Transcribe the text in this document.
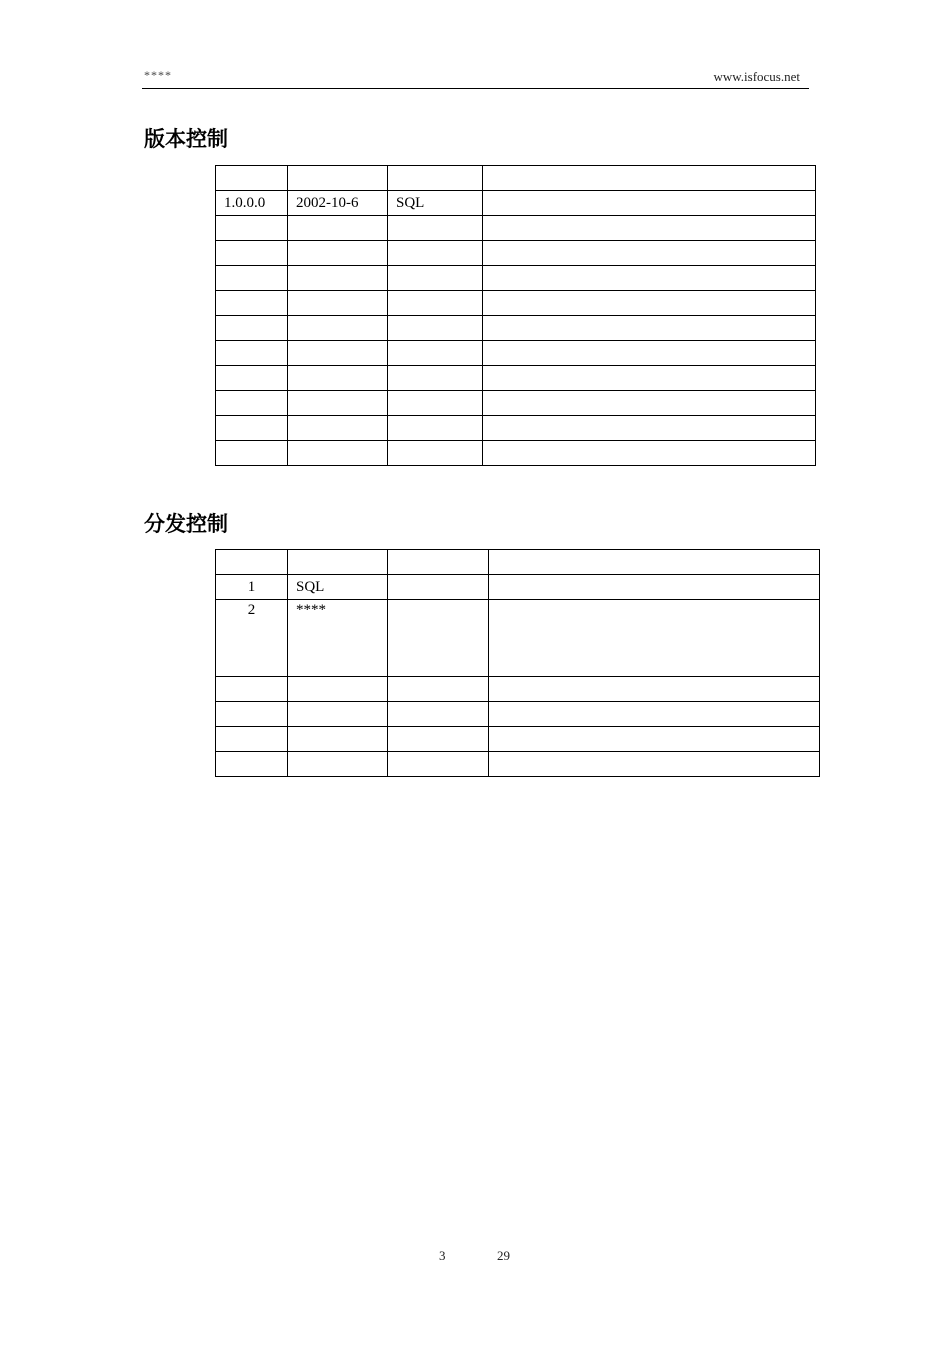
****	www.isfocus.net
版本控制

1.0.0.0	2002-10-6	SQL	

分发控制

1	SQL		
2	****		

3	29
